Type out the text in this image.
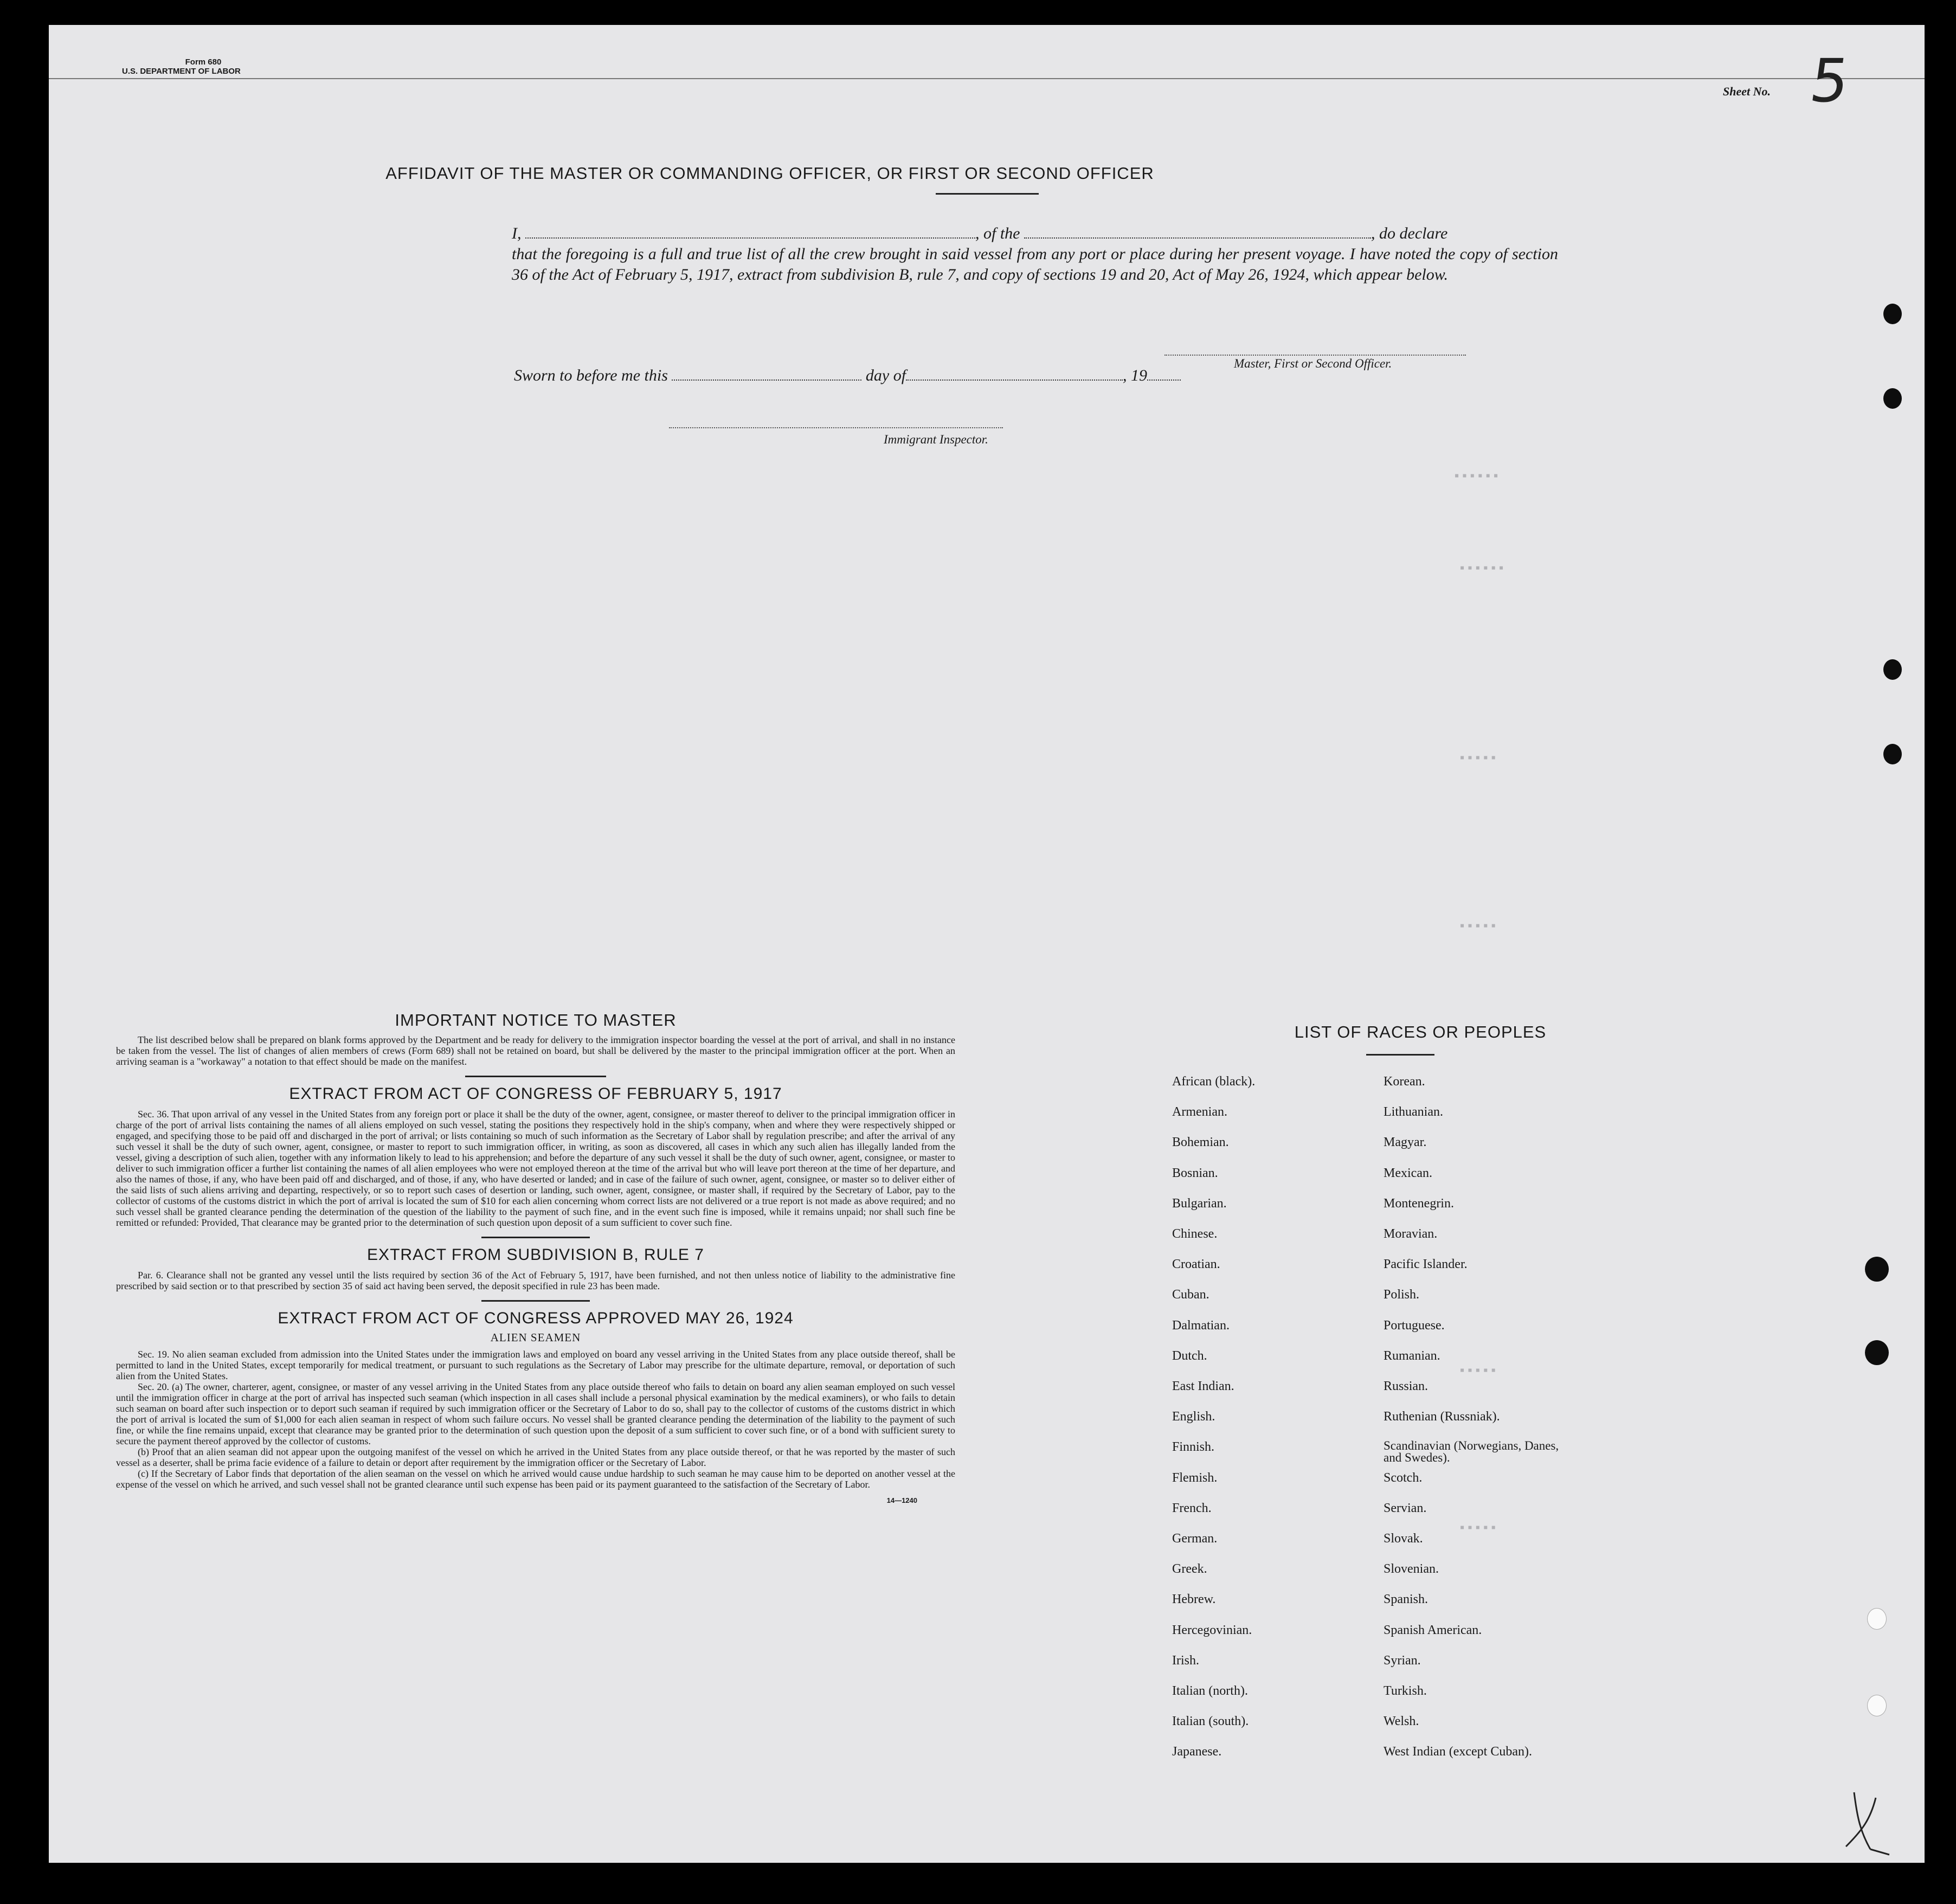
Form 680
U.S. DEPARTMENT OF LABOR
Sheet No. 5
AFFIDAVIT OF THE MASTER OR COMMANDING OFFICER, OR FIRST OR SECOND OFFICER
I,	, of the	, do declare
that the foregoing is a full and true list of all the crew brought in said vessel from any port or place during her present voyage. I have noted the copy of section 36 of the Act of February 5, 1917, extract from subdivision B, rule 7, and copy of sections 19 and 20, Act of May 26, 1924, which appear below.
Master, First or Second Officer.
Sworn to before me this	day of	, 19
Immigrant Inspector.
▪▪▪▪▪▪
▪▪▪▪▪▪
▪▪▪▪▪
▪▪▪▪▪
▪▪▪▪▪
▪▪▪▪▪
IMPORTANT NOTICE TO MASTER
The list described below shall be prepared on blank forms approved by the Department and be ready for delivery to the immigration inspector boarding the vessel at the port of arrival, and shall in no instance be taken from the vessel. The list of changes of alien members of crews (Form 689) shall not be retained on board, but shall be delivered by the master to the principal immigration officer at the port. When an arriving seaman is a "workaway" a notation to that effect should be made on the manifest.
EXTRACT FROM ACT OF CONGRESS OF FEBRUARY 5, 1917
Sec. 36. That upon arrival of any vessel in the United States from any foreign port or place it shall be the duty of the owner, agent, consignee, or master thereof to deliver to the principal immigration officer in charge of the port of arrival lists containing the names of all aliens employed on such vessel, stating the positions they respectively hold in the ship's company, when and where they were respectively shipped or engaged, and specifying those to be paid off and discharged in the port of arrival; or lists containing so much of such information as the Secretary of Labor shall by regulation prescribe; and after the arrival of any such vessel it shall be the duty of such owner, agent, consignee, or master to report to such immigration officer, in writing, as soon as discovered, all cases in which any such alien has illegally landed from the vessel, giving a description of such alien, together with any information likely to lead to his apprehension; and before the departure of any such vessel it shall be the duty of such owner, agent, consignee, or master to deliver to such immigration officer a further list containing the names of all alien employees who were not employed thereon at the time of the arrival but who will leave port thereon at the time of her departure, and also the names of those, if any, who have been paid off and discharged, and of those, if any, who have deserted or landed; and in case of the failure of such owner, agent, consignee, or master so to deliver either of the said lists of such aliens arriving and departing, respectively, or so to report such cases of desertion or landing, such owner, agent, consignee, or master shall, if required by the Secretary of Labor, pay to the collector of customs of the customs district in which the port of arrival is located the sum of $10 for each alien concerning whom correct lists are not delivered or a true report is not made as above required; and no such vessel shall be granted clearance pending the determination of the question of the liability to the payment of such fine, and in the event such fine is imposed, while it remains unpaid; nor shall such fine be remitted or refunded: Provided, That clearance may be granted prior to the determination of such question upon deposit of a sum sufficient to cover such fine.
EXTRACT FROM SUBDIVISION B, RULE 7
Par. 6. Clearance shall not be granted any vessel until the lists required by section 36 of the Act of February 5, 1917, have been furnished, and not then unless notice of liability to the administrative fine prescribed by said section or to that prescribed by section 35 of said act having been served, the deposit specified in rule 23 has been made.
EXTRACT FROM ACT OF CONGRESS APPROVED MAY 26, 1924
ALIEN SEAMEN
Sec. 19. No alien seaman excluded from admission into the United States under the immigration laws and employed on board any vessel arriving in the United States from any place outside thereof, shall be permitted to land in the United States, except temporarily for medical treatment, or pursuant to such regulations as the Secretary of Labor may prescribe for the ultimate departure, removal, or deportation of such alien from the United States.
Sec. 20. (a) The owner, charterer, agent, consignee, or master of any vessel arriving in the United States from any place outside thereof who fails to detain on board any alien seaman employed on such vessel until the immigration officer in charge at the port of arrival has inspected such seaman (which inspection in all cases shall include a personal physical examination by the medical examiners), or who fails to detain such seaman on board after such inspection or to deport such seaman if required by such immigration officer or the Secretary of Labor to do so, shall pay to the collector of customs of the customs district in which the port of arrival is located the sum of $1,000 for each alien seaman in respect of whom such failure occurs. No vessel shall be granted clearance pending the determination of the liability to the payment of such fine, or while the fine remains unpaid, except that clearance may be granted prior to the determination of such question upon the deposit of a sum sufficient to cover such fine, or of a bond with sufficient surety to secure the payment thereof approved by the collector of customs.
(b) Proof that an alien seaman did not appear upon the outgoing manifest of the vessel on which he arrived in the United States from any place outside thereof, or that he was reported by the master of such vessel as a deserter, shall be prima facie evidence of a failure to detain or deport after requirement by the immigration officer or the Secretary of Labor.
(c) If the Secretary of Labor finds that deportation of the alien seaman on the vessel on which he arrived would cause undue hardship to such seaman he may cause him to be deported on another vessel at the expense of the vessel on which he arrived, and such vessel shall not be granted clearance until such expense has been paid or its payment guaranteed to the satisfaction of the Secretary of Labor.
14—1240
LIST OF RACES OR PEOPLES
African (black).
Armenian.
Bohemian.
Bosnian.
Bulgarian.
Chinese.
Croatian.
Cuban.
Dalmatian.
Dutch.
East Indian.
English.
Finnish.
Flemish.
French.
German.
Greek.
Hebrew.
Hercegovinian.
Irish.
Italian (north).
Italian (south).
Japanese.
Korean.
Lithuanian.
Magyar.
Mexican.
Montenegrin.
Moravian.
Pacific Islander.
Polish.
Portuguese.
Rumanian.
Russian.
Ruthenian (Russniak).
Scandinavian (Norwegians, Danes, and Swedes).
Scotch.
Servian.
Slovak.
Slovenian.
Spanish.
Spanish American.
Syrian.
Turkish.
Welsh.
West Indian (except Cuban).
